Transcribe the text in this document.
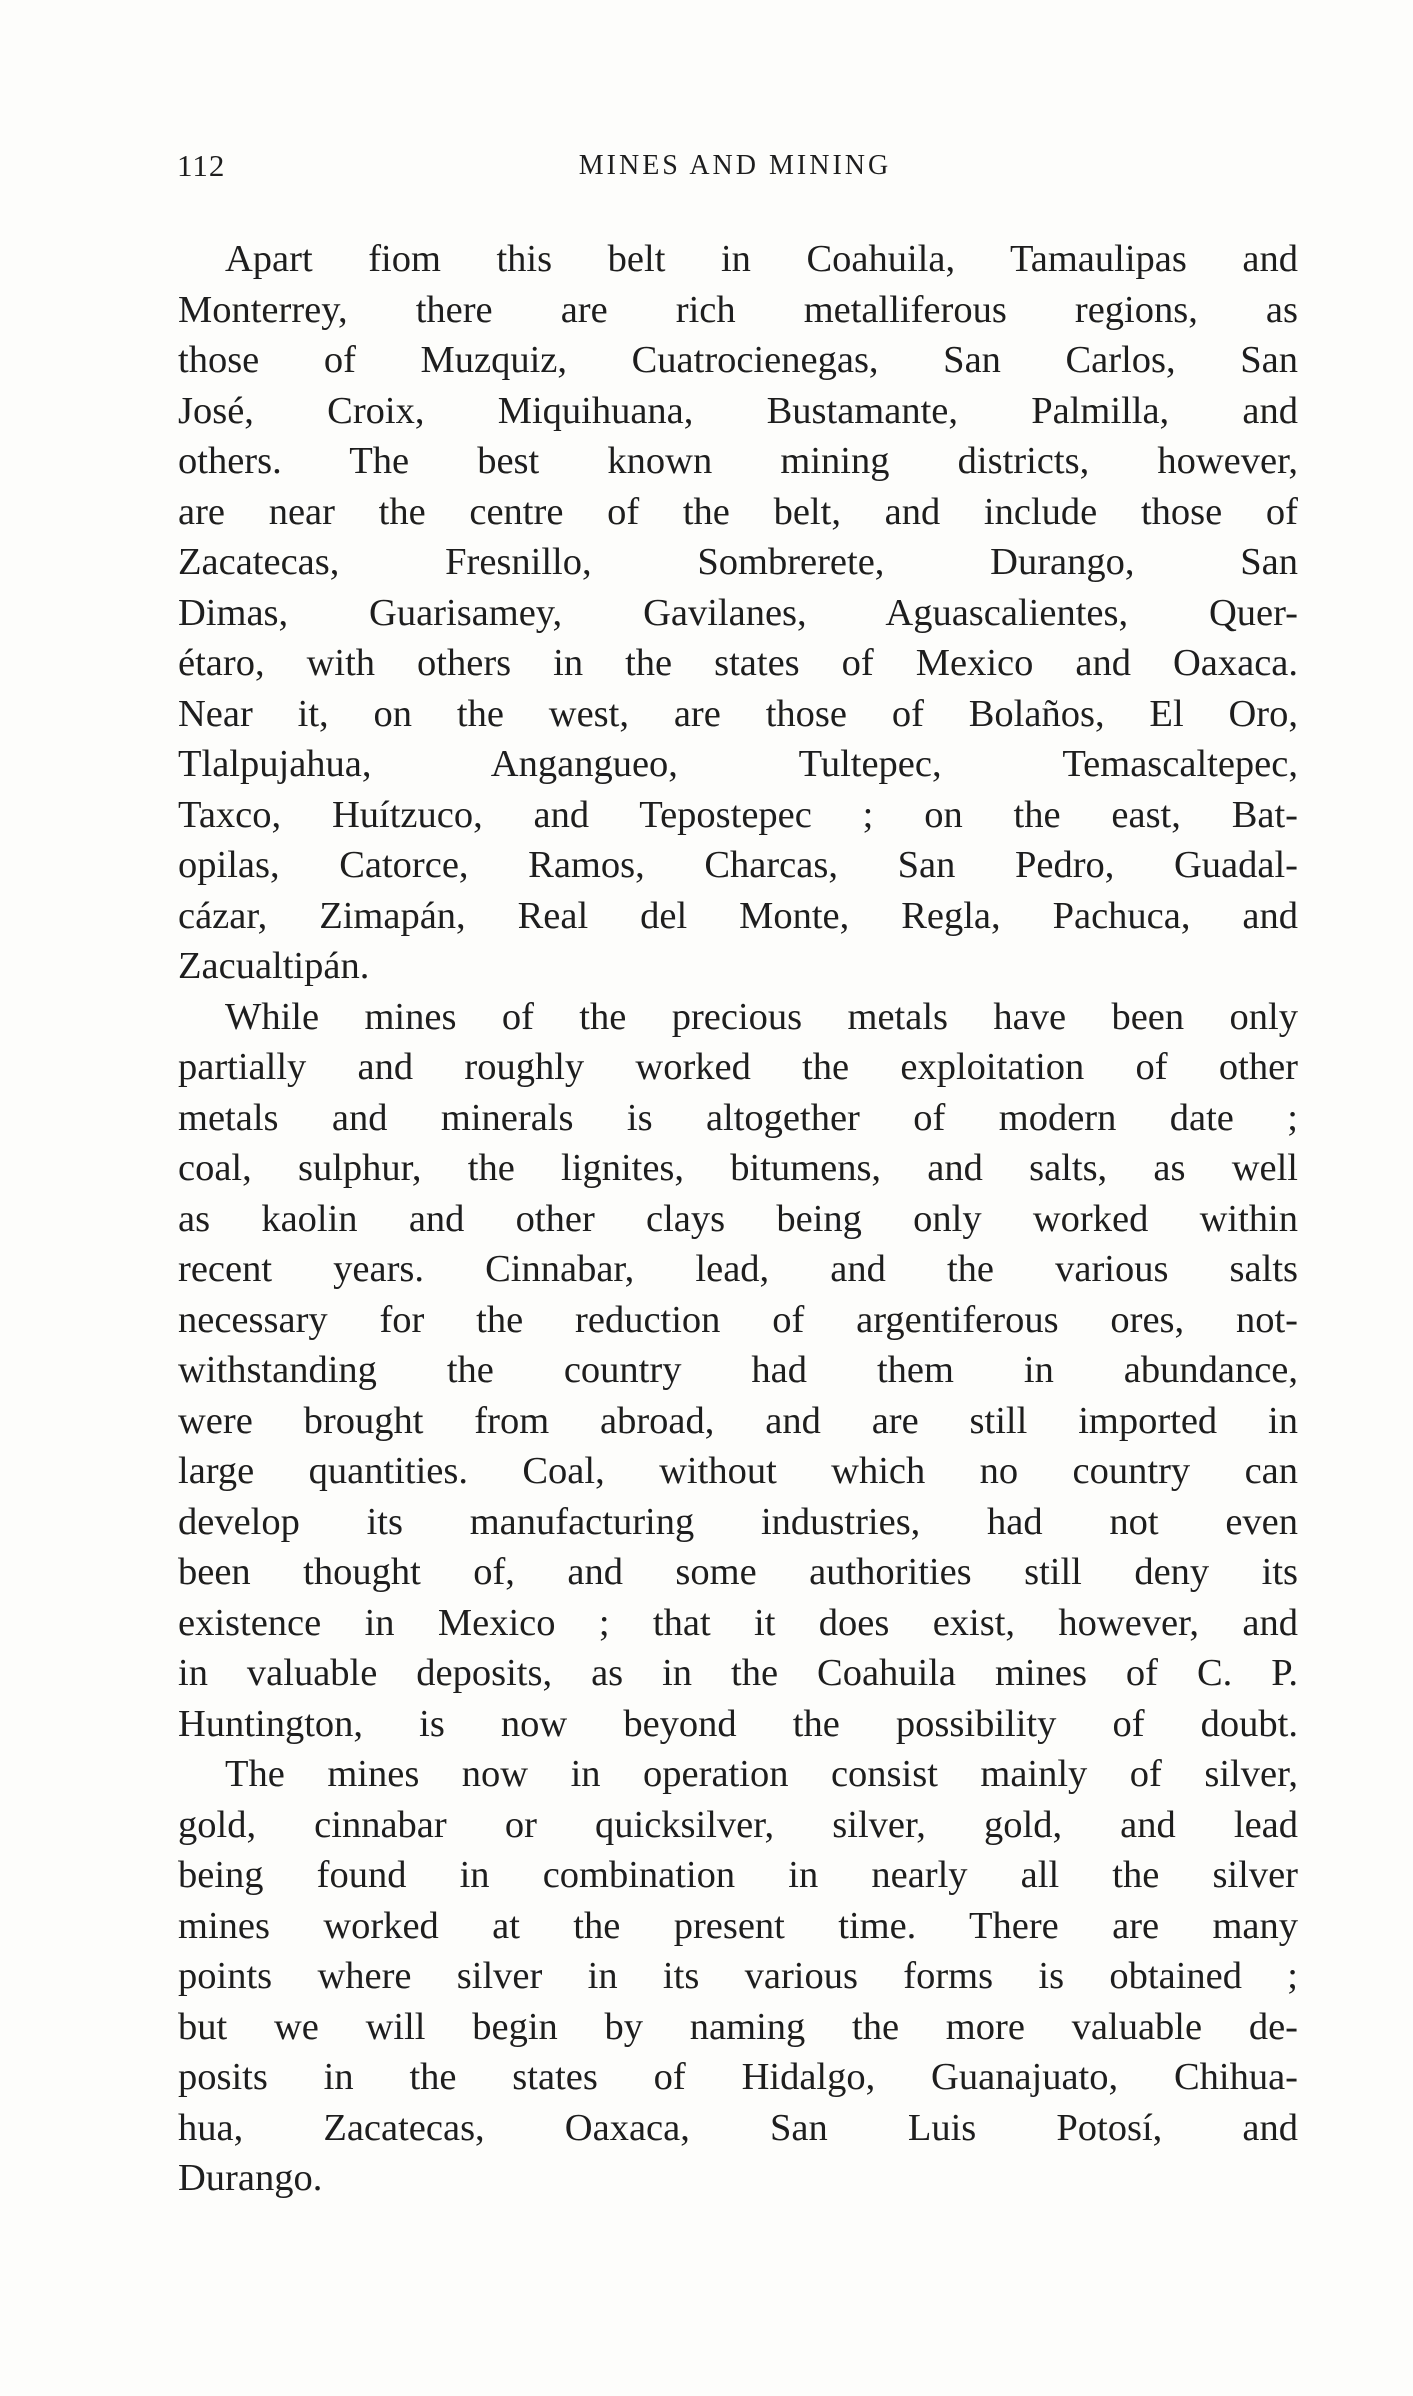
112	MINES AND MINING
Apart fiom this belt in Coahuila, Tamaulipas and
Monterrey, there are rich metalliferous regions, as
those of Muzquiz, Cuatrocienegas, San Carlos, San
José, Croix, Miquihuana, Bustamante, Palmilla, and
others. The best known mining districts, however,
are near the centre of the belt, and include those of
Zacatecas, Fresnillo, Sombrerete, Durango, San
Dimas, Guarisamey, Gavilanes, Aguascalientes, Quer-
étaro, with others in the states of Mexico and Oaxaca.
Near it, on the west, are those of Bolaños, El Oro,
Tlalpujahua, Angangueo, Tultepec, Temascaltepec,
Taxco, Huítzuco, and Tepostepec ; on the east, Bat-
opilas, Catorce, Ramos, Charcas, San Pedro, Guadal-
cázar, Zimapán, Real del Monte, Regla, Pachuca, and
Zacualtipán.
While mines of the precious metals have been only
partially and roughly worked the exploitation of other
metals and minerals is altogether of modern date ;
coal, sulphur, the lignites, bitumens, and salts, as well
as kaolin and other clays being only worked within
recent years. Cinnabar, lead, and the various salts
necessary for the reduction of argentiferous ores, not-
withstanding the country had them in abundance,
were brought from abroad, and are still imported in
large quantities. Coal, without which no country can
develop its manufacturing industries, had not even
been thought of, and some authorities still deny its
existence in Mexico ; that it does exist, however, and
in valuable deposits, as in the Coahuila mines of C. P.
Huntington, is now beyond the possibility of doubt.
The mines now in operation consist mainly of silver,
gold, cinnabar or quicksilver, silver, gold, and lead
being found in combination in nearly all the silver
mines worked at the present time. There are many
points where silver in its various forms is obtained ;
but we will begin by naming the more valuable de-
posits in the states of Hidalgo, Guanajuato, Chihua-
hua, Zacatecas, Oaxaca, San Luis Potosí, and
Durango.
